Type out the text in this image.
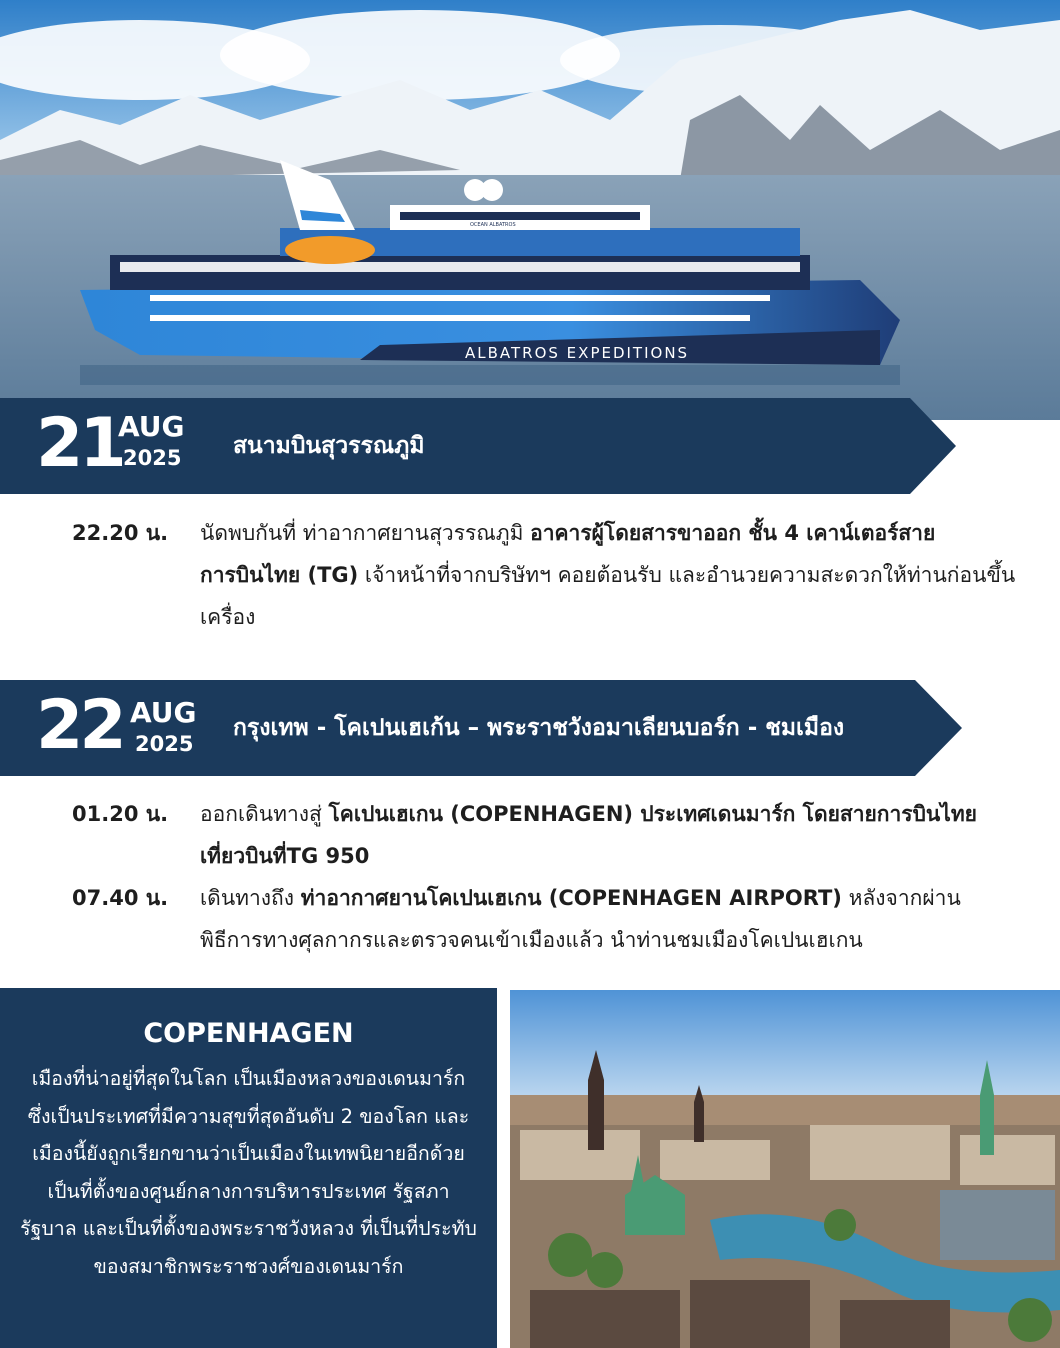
ALBATROS EXPEDITIONS
OCEAN ALBATROS
21
AUG
2025 สนามบินสุวรรณภูมิ
22.20 น.	นัดพบกันที่ ท่าอากาศยานสุวรรณภูมิ อาคารผู้โดยสารขาออก ชั้น 4 เคาน์เตอร์สายการบินไทย (TG) เจ้าหน้าที่จากบริษัทฯ คอยต้อนรับ และอำนวยความสะดวกให้ท่านก่อนขึ้นเครื่อง
22 AUG
2025
กรุงเทพ - โคเปนเฮเก้น – พระราชวังอมาเลียนบอร์ก - ชมเมือง
01.20 น.	ออกเดินทางสู่ โคเปนเฮเกน (COPENHAGEN) ประเทศเดนมาร์ก โดยสายการบินไทย เที่ยวบินที่TG 950
07.40 น.	เดินทางถึง ท่าอากาศยานโคเปนเฮเกน (COPENHAGEN AIRPORT) หลังจากผ่านพิธีการทางศุลกากรและตรวจคนเข้าเมืองแล้ว นำท่านชมเมืองโคเปนเฮเกน
COPENHAGEN
เมืองที่น่าอยู่ที่สุดในโลก เป็นเมืองหลวงของเดนมาร์ก ซึ่งเป็นประเทศที่มีความสุขที่สุดอันดับ 2 ของโลก และเมืองนี้ยังถูกเรียกขานว่าเป็นเมืองในเทพนิยายอีกด้วย เป็นที่ตั้งของศูนย์กลางการบริหารประเทศ รัฐสภา รัฐบาล และเป็นที่ตั้งของพระราชวังหลวง ที่เป็นที่ประทับของสมาชิกพระราชวงศ์ของเดนมาร์ก
